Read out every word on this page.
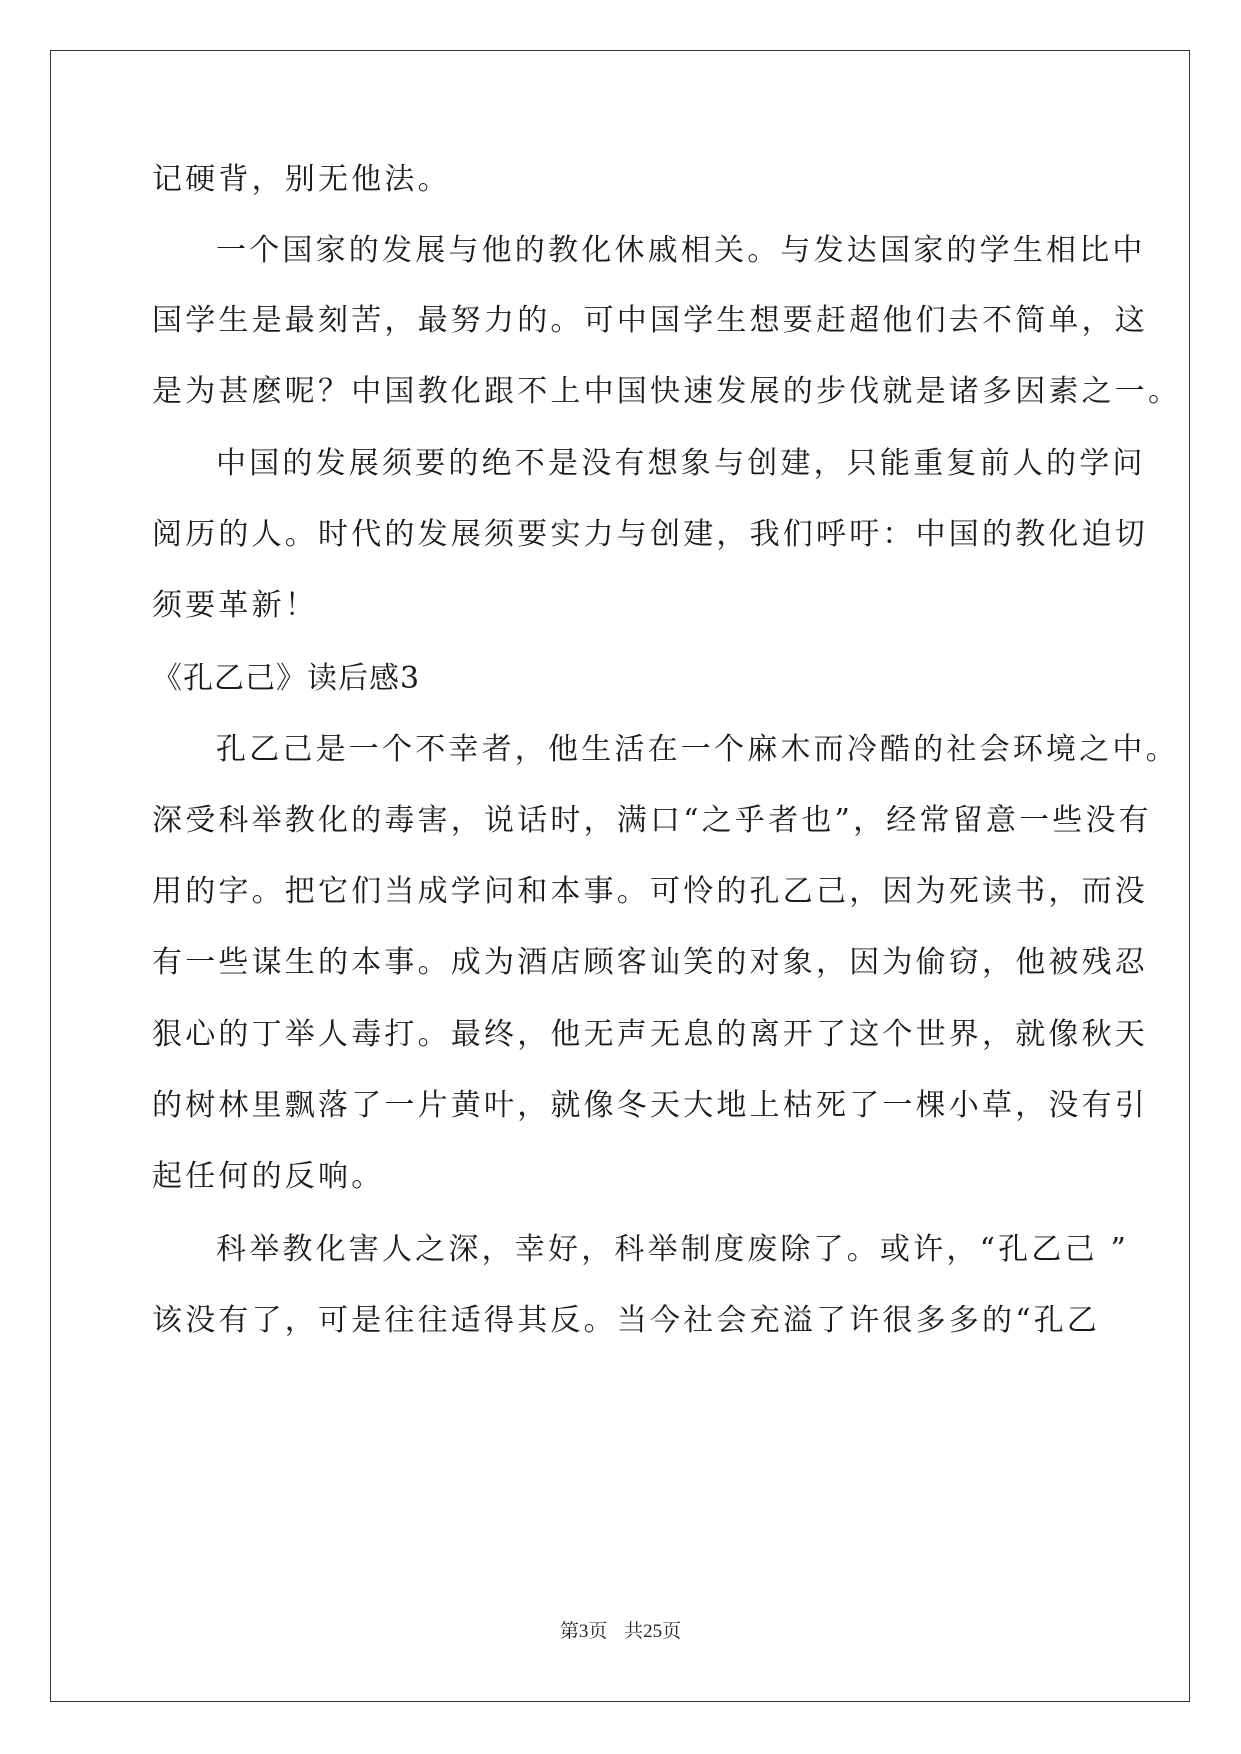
记硬背，别无他法。
一个国家的发展与他的教化休戚相关。与发达国家的学生相比中
国学生是最刻苦，最努力的。可中国学生想要赶超他们去不简单，这
是为甚麽呢？中国教化跟不上中国快速发展的步伐就是诸多因素之一。
中国的发展须要的绝不是没有想象与创建，只能重复前人的学问
阅历的人。时代的发展须要实力与创建，我们呼吁：中国的教化迫切
须要革新！
《孔乙己》读后感3
孔乙己是一个不幸者，他生活在一个麻木而冷酷的社会环境之中。
深受科举教化的毒害，说话时，满口“之乎者也”，经常留意一些没有
用的字。把它们当成学问和本事。可怜的孔乙己，因为死读书，而没
有一些谋生的本事。成为酒店顾客讪笑的对象，因为偷窃，他被残忍
狠心的丁举人毒打。最终，他无声无息的离开了这个世界，就像秋天
的树林里飘落了一片黄叶，就像冬天大地上枯死了一棵小草，没有引
起任何的反响。
科举教化害人之深，幸好，科举制度废除了。或许，“孔乙己 ”
该没有了，可是往往适得其反。当今社会充溢了许很多多的“孔乙
第3页 共25页
